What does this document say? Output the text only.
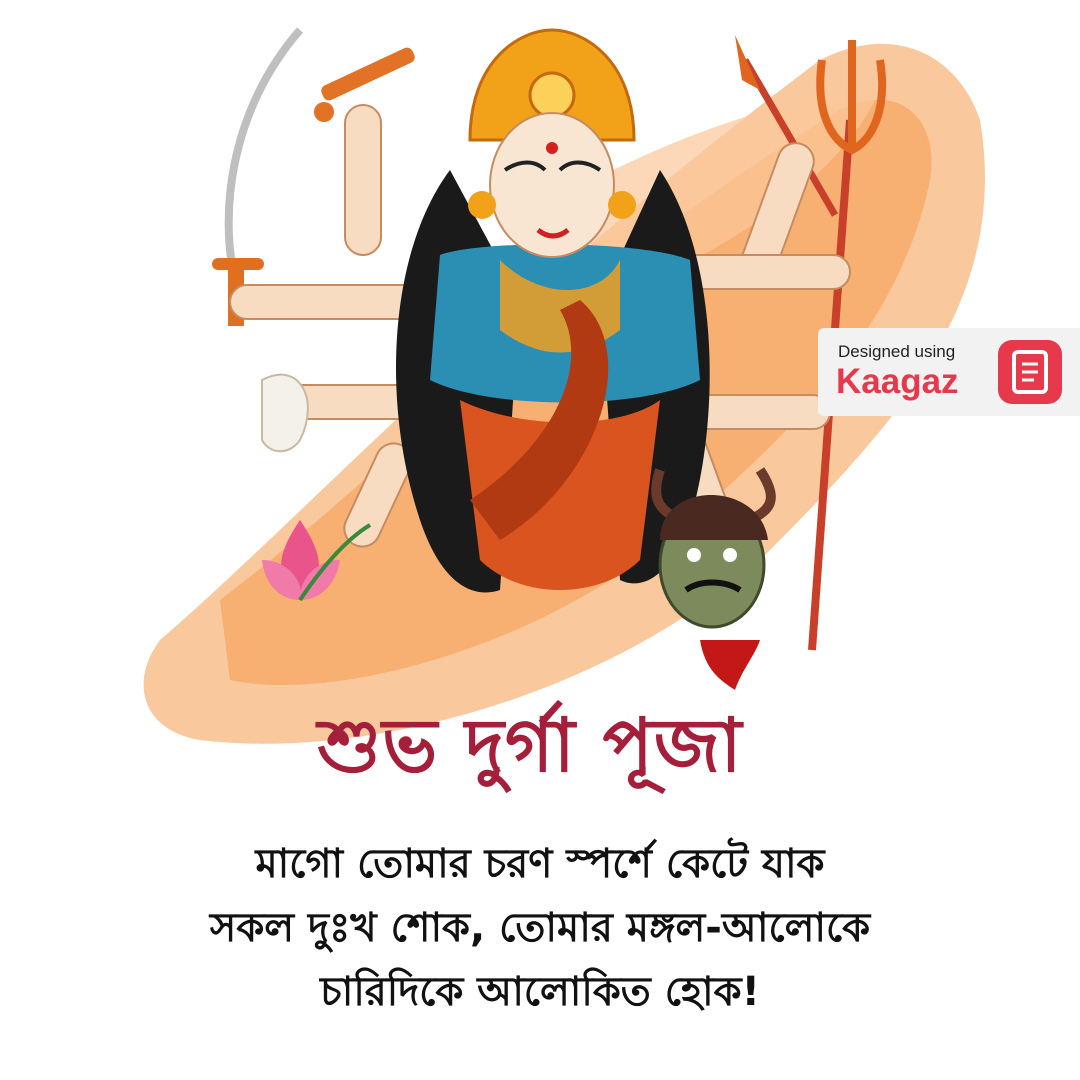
শুভ দুর্গা পূজা
মাগো তোমার চরণ স্পর্শে কেটে যাক
সকল দুঃখ শোক, তোমার মঙ্গল-আলোকে
চারিদিকে আলোকিত হোক!
Designed using
Kaagaz
